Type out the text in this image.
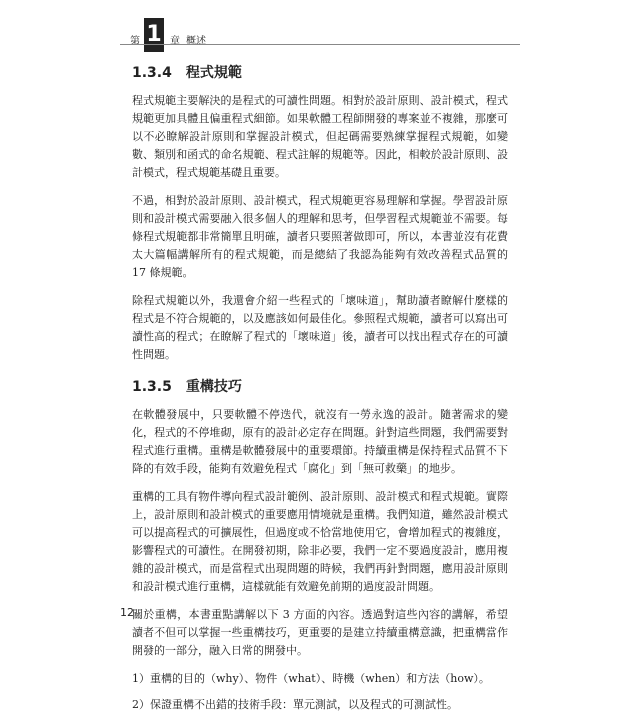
第 1 章 概述
1.3.4 程式規範

程式規範主要解決的是程式的可讀性問題。相對於設計原則、設計模式，程式規範更加具體且偏重程式細節。如果軟體工程師開發的專案並不複雜，那麼可以不必瞭解設計原則和掌握設計模式，但起碼需要熟練掌握程式規範，如變數、類別和函式的命名規範、程式註解的規範等。因此，相較於設計原則、設計模式，程式規範基礎且重要。

不過，相對於設計原則、設計模式，程式規範更容易理解和掌握。學習設計原則和設計模式需要融入很多個人的理解和思考，但學習程式規範並不需要。每條程式規範都非常簡單且明確，讀者只要照著做即可，所以，本書並沒有花費太大篇幅講解所有的程式規範，而是總結了我認為能夠有效改善程式品質的 17 條規範。

除程式規範以外，我還會介紹一些程式的「壞味道」，幫助讀者瞭解什麼樣的程式是不符合規範的，以及應該如何最佳化。參照程式規範，讀者可以寫出可讀性高的程式；在瞭解了程式的「壞味道」後，讀者可以找出程式存在的可讀性問題。

1.3.5 重構技巧

在軟體發展中，只要軟體不停迭代，就沒有一勞永逸的設計。隨著需求的變化，程式的不停堆砌，原有的設計必定存在問題。針對這些問題，我們需要對程式進行重構。重構是軟體發展中的重要環節。持續重構是保持程式品質不下降的有效手段，能夠有效避免程式「腐化」到「無可救藥」的地步。

重構的工具有物件導向程式設計範例、設計原則、設計模式和程式規範。實際上，設計原則和設計模式的重要應用情境就是重構。我們知道，雖然設計模式可以提高程式的可擴展性，但過度或不恰當地使用它，會增加程式的複雜度，影響程式的可讀性。在開發初期，除非必要，我們一定不要過度設計，應用複雜的設計模式，而是當程式出現問題的時候，我們再針對問題，應用設計原則和設計模式進行重構，這樣就能有效避免前期的過度設計問題。

關於重構，本書重點講解以下 3 方面的內容。透過對這些內容的講解，希望讀者不但可以掌握一些重構技巧，更重要的是建立持續重構意識，把重構當作開發的一部分，融入日常的開發中。

1）重構的目的（why）、物件（what）、時機（when）和方法（how）。

2）保證重構不出錯的技術手段：單元測試，以及程式的可測試性。

12
